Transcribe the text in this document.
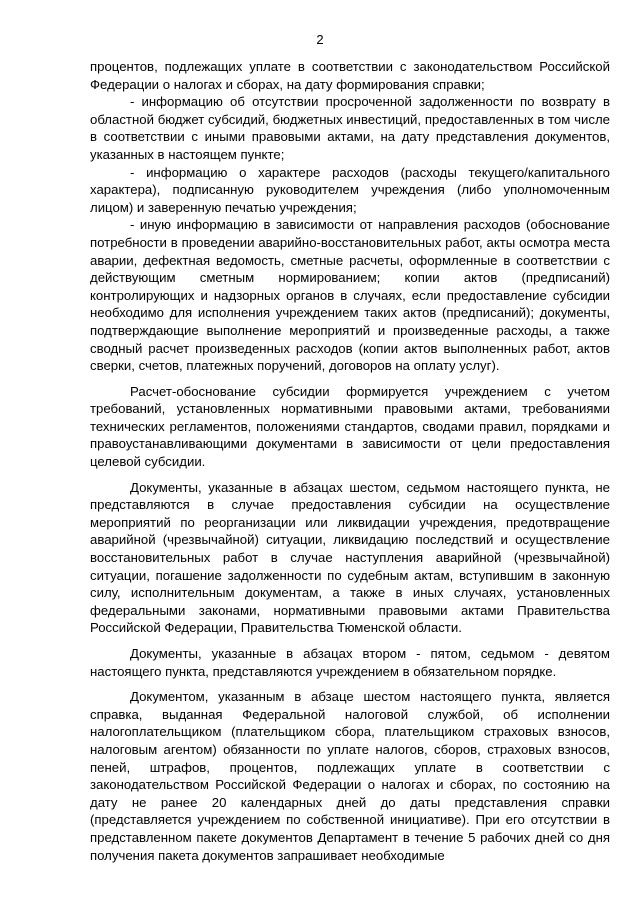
2

процентов, подлежащих уплате в соответствии с законодательством Российской Федерации о налогах и сборах, на дату формирования справки;

- информацию об отсутствии просроченной задолженности по возврату в областной бюджет субсидий, бюджетных инвестиций, предоставленных в том числе в соответствии с иными правовыми актами, на дату представления документов, указанных в настоящем пункте;

- информацию о характере расходов (расходы текущего/капитального характера), подписанную руководителем учреждения (либо уполномоченным лицом) и заверенную печатью учреждения;

- иную информацию в зависимости от направления расходов (обоснование потребности в проведении аварийно-восстановительных работ, акты осмотра места аварии, дефектная ведомость, сметные расчеты, оформленные в соответствии с действующим сметным нормированием; копии актов (предписаний) контролирующих и надзорных органов в случаях, если предоставление субсидии необходимо для исполнения учреждением таких актов (предписаний); документы, подтверждающие выполнение мероприятий и произведенные расходы, а также сводный расчет произведенных расходов (копии актов выполненных работ, актов сверки, счетов, платежных поручений, договоров на оплату услуг).

Расчет-обоснование субсидии формируется учреждением с учетом требований, установленных нормативными правовыми актами, требованиями технических регламентов, положениями стандартов, сводами правил, порядками и правоустанавливающими документами в зависимости от цели предоставления целевой субсидии.

Документы, указанные в абзацах шестом, седьмом настоящего пункта, не представляются в случае предоставления субсидии на осуществление мероприятий по реорганизации или ликвидации учреждения, предотвращение аварийной (чрезвычайной) ситуации, ликвидацию последствий и осуществление восстановительных работ в случае наступления аварийной (чрезвычайной) ситуации, погашение задолженности по судебным актам, вступившим в законную силу, исполнительным документам, а также в иных случаях, установленных федеральными законами, нормативными правовыми актами Правительства Российской Федерации, Правительства Тюменской области.

Документы, указанные в абзацах втором - пятом, седьмом - девятом настоящего пункта, представляются учреждением в обязательном порядке.

Документом, указанным в абзаце шестом настоящего пункта, является справка, выданная Федеральной налоговой службой, об исполнении налогоплательщиком (плательщиком сбора, плательщиком страховых взносов, налоговым агентом) обязанности по уплате налогов, сборов, страховых взносов, пеней, штрафов, процентов, подлежащих уплате в соответствии с законодательством Российской Федерации о налогах и сборах, по состоянию на дату не ранее 20 календарных дней до даты представления справки (представляется учреждением по собственной инициативе). При его отсутствии в представленном пакете документов Департамент в течение 5 рабочих дней со дня получения пакета документов запрашивает необходимые
